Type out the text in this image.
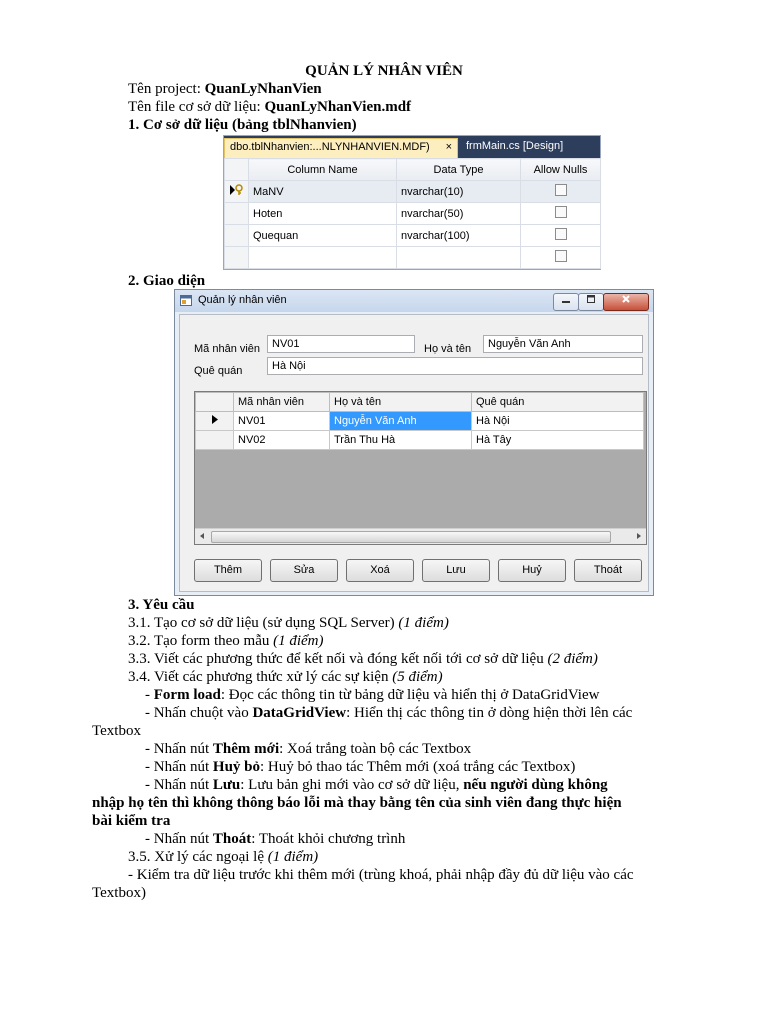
QUẢN LÝ NHÂN VIÊN
Tên project: QuanLyNhanVien
Tên file cơ sở dữ liệu: QuanLyNhanVien.mdf
1. Cơ sở dữ liệu (bảng tblNhanvien)
dbo.tblNhanvien:...NLYNHANVIEN.MDF) ×	frmMain.cs [Design]
	Column Name	Data Type	Allow Nulls
	MaNV	nvarchar(10)	
	Hoten	nvarchar(50)	
	Quequan	nvarchar(100)	

2. Giao diện
Quản lý nhân viên
Mã nhân viên	NV01	Họ và tên	Nguyễn Văn Anh
Quê quán	Hà Nội
	Mã nhân viên	Họ và tên	Quê quán
	NV01	Nguyễn Văn Anh	Hà Nội
	NV02	Trần Thu Hà	Hà Tây
Thêm	Sửa	Xoá	Lưu	Huỷ	Thoát
3. Yêu cầu
3.1. Tạo cơ sở dữ liệu (sử dụng SQL Server) (1 điểm)
3.2. Tạo form theo mẫu (1 điểm)
3.3. Viết các phương thức để kết nối và đóng kết nối tới cơ sở dữ liệu (2 điểm)
3.4. Viết các phương thức xử lý các sự kiện (5 điểm)
- Form load: Đọc các thông tin từ bảng dữ liệu và hiển thị ở DataGridView
- Nhấn chuột vào DataGridView: Hiển thị các thông tin ở dòng hiện thời lên các
Textbox
- Nhấn nút Thêm mới: Xoá trắng toàn bộ các Textbox
- Nhấn nút Huỷ bỏ: Huỷ bỏ thao tác Thêm mới (xoá trắng các Textbox)
- Nhấn nút Lưu: Lưu bản ghi mới vào cơ sở dữ liệu, nếu người dùng không
nhập họ tên thì không thông báo lỗi mà thay bằng tên của sinh viên đang thực hiện
bài kiểm tra
- Nhấn nút Thoát: Thoát khỏi chương trình
3.5. Xử lý các ngoại lệ (1 điểm)
- Kiểm tra dữ liệu trước khi thêm mới (trùng khoá, phải nhập đầy đủ dữ liệu vào các
Textbox)
